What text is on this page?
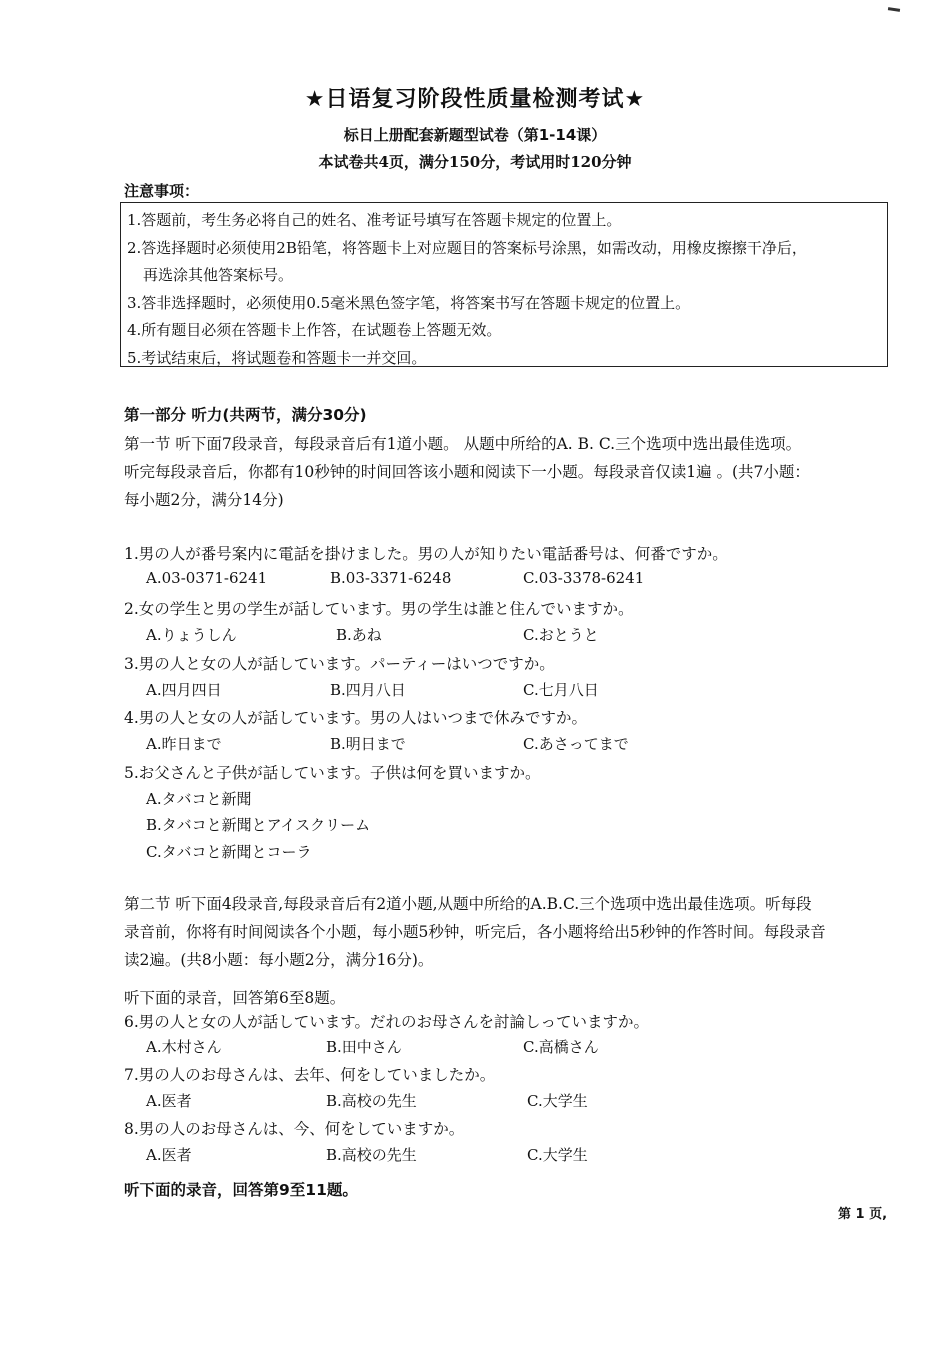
★日语复习阶段性质量检测考试★
标日上册配套新题型试卷（第1-14课）
本试卷共4页，满分150分，考试用时120分钟
注意事项：
1.答题前，考生务必将自己的姓名、准考证号填写在答题卡规定的位置上。
2.答选择题时必须使用2B铅笔，将答题卡上对应题目的答案标号涂黑，如需改动，用橡皮擦擦干净后，
再选涂其他答案标号。
3.答非选择题时，必须使用0.5毫米黑色签字笔，将答案书写在答题卡规定的位置上。
4.所有题目必须在答题卡上作答，在试题卷上答题无效。
5.考试结束后，将试题卷和答题卡一并交回。
第一部分 听力(共两节，满分30分)
第一节 听下面7段录音，每段录音后有1道小题。 从题中所给的A. B. C.三个选项中选出最佳选项。
听完每段录音后，你都有10秒钟的时间回答该小题和阅读下一小题。每段录音仅读1遍 。(共7小题：
每小题2分，满分14分)
1.男の人が番号案内に電話を掛けました。男の人が知りたい電話番号は、何番ですか。
A.03-0371-6241	B.03-3371-6248	C.03-3378-6241
2.女の学生と男の学生が話しています。男の学生は誰と住んでいますか。
A.りょうしん	B.あね	C.おとうと
3.男の人と女の人が話しています。パーティーはいつですか。
A.四月四日	B.四月八日	C.七月八日
4.男の人と女の人が話しています。男の人はいつまで休みですか。
A.昨日まで	B.明日まで	C.あさってまで
5.お父さんと子供が話しています。子供は何を買いますか。
A.タバコと新聞
B.タバコと新聞とアイスクリーム
C.タバコと新聞とコーラ
第二节 听下面4段录音,每段录音后有2道小题,从题中所给的A.B.C.三个选项中选出最佳选项。听每段
录音前，你将有时间阅读各个小题，每小题5秒钟，听完后，各小题将给出5秒钟的作答时间。每段录音
读2遍。(共8小题：每小题2分，满分16分)。
听下面的录音，回答第6至8题。
6.男の人と女の人が話しています。だれのお母さんを討論しっていますか。
A.木村さん	B.田中さん	C.高橋さん
7.男の人のお母さんは、去年、何をしていましたか。
A.医者	B.高校の先生	C.大学生
8.男の人のお母さんは、今、何をしていますか。
A.医者	B.高校の先生	C.大学生
听下面的录音，回答第9至11题。
第 1 页,
